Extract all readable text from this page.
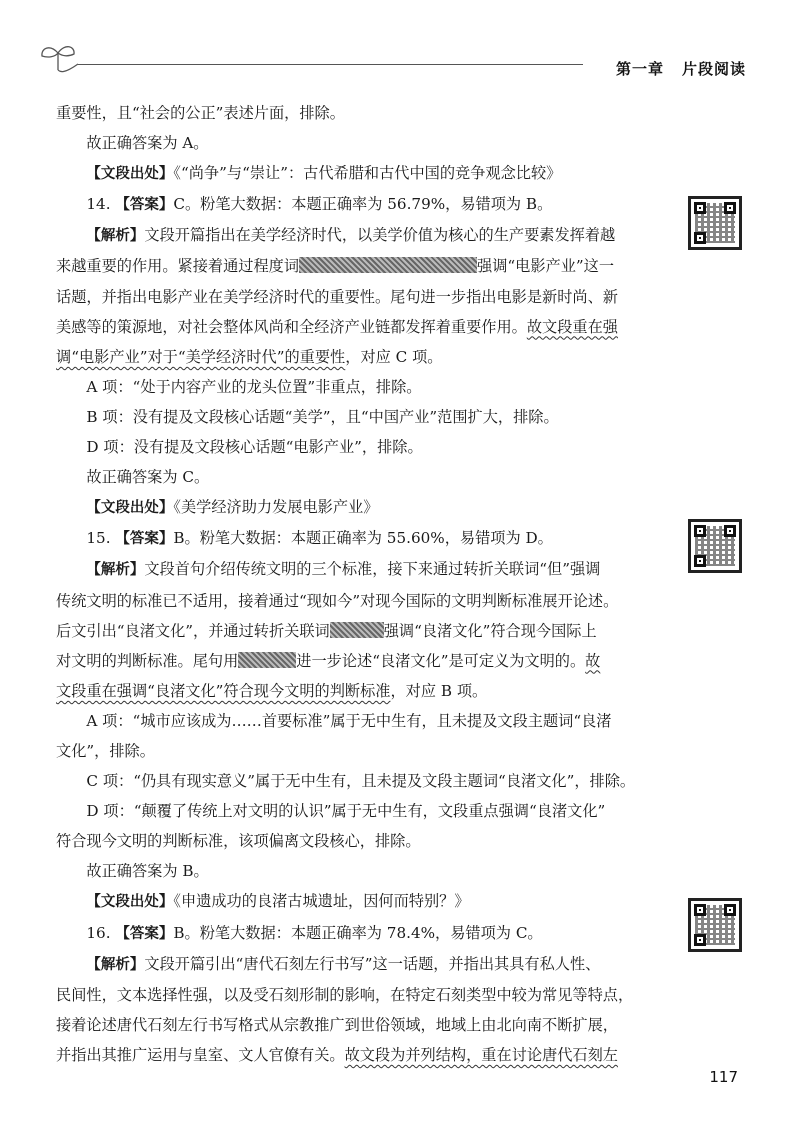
第一章 片段阅读

重要性，且“社会的公正”表述片面，排除。

故正确答案为 A。

【文段出处】《“尚争”与“崇让”：古代希腊和古代中国的竞争观念比较》

14. 【答案】C。粉笔大数据：本题正确率为 56.79%，易错项为 B。

【解析】文段开篇指出在美学经济时代，以美学价值为核心的生产要素发挥着越

来越重要的作用。紧接着通过程度词	强调“电影产业”这一

话题，并指出电影产业在美学经济时代的重要性。尾句进一步指出电影是新时尚、新

美感等的策源地，对社会整体风尚和全经济产业链都发挥着重要作用。故文段重在强

调“电影产业”对于“美学经济时代”的重要性，对应 C 项。

A 项：“处于内容产业的龙头位置”非重点，排除。

B 项：没有提及文段核心话题“美学”，且“中国产业”范围扩大，排除。

D 项：没有提及文段核心话题“电影产业”，排除。

故正确答案为 C。

【文段出处】《美学经济助力发展电影产业》

15. 【答案】B。粉笔大数据：本题正确率为 55.60%，易错项为 D。

【解析】文段首句介绍传统文明的三个标准，接下来通过转折关联词“但”强调

传统文明的标准已不适用，接着通过“现如今”对现今国际的文明判断标准展开论述。

后文引出“良渚文化”，并通过转折关联词	强调“良渚文化”符合现今国际上

对文明的判断标准。尾句用	进一步论述“良渚文化”是可定义为文明的。故

文段重在强调“良渚文化”符合现今文明的判断标准，对应 B 项。

A 项：“城市应该成为……首要标准”属于无中生有，且未提及文段主题词“良渚

文化”，排除。

C 项：“仍具有现实意义”属于无中生有，且未提及文段主题词“良渚文化”，排除。

D 项：“颠覆了传统上对文明的认识”属于无中生有，文段重点强调“良渚文化”

符合现今文明的判断标准，该项偏离文段核心，排除。

故正确答案为 B。

【文段出处】《申遗成功的良渚古城遗址，因何而特别？》

16. 【答案】B。粉笔大数据：本题正确率为 78.4%，易错项为 C。

【解析】文段开篇引出“唐代石刻左行书写”这一话题，并指出其具有私人性、

民间性，文本选择性强，以及受石刻形制的影响，在特定石刻类型中较为常见等特点，

接着论述唐代石刻左行书写格式从宗教推广到世俗领域，地域上由北向南不断扩展，

并指出其推广运用与皇室、文人官僚有关。故文段为并列结构，重在讨论唐代石刻左

117
